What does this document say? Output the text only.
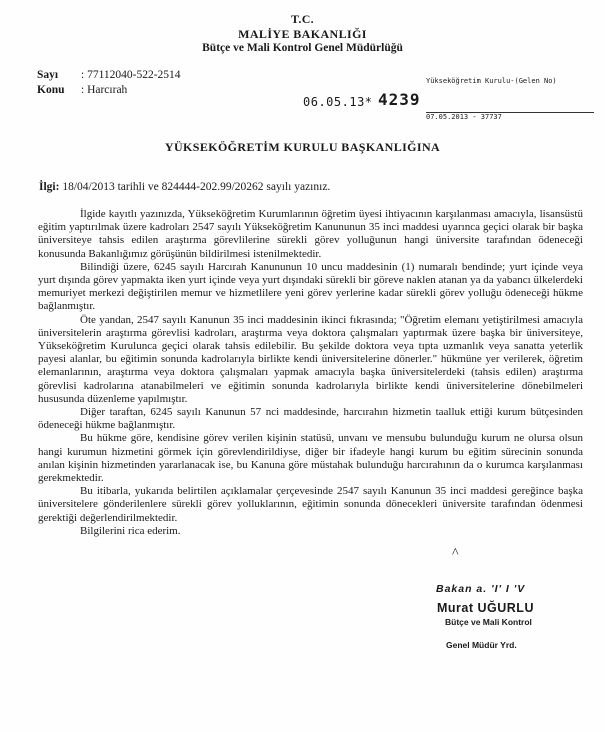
T.C.
MALİYE BAKANLIĞI
Bütçe ve Mali Kontrol Genel Müdürlüğü
Sayı : 77112040-522-2514
Konu : Harcırah
06.05.13* 4239
Yükseköğretim Kurulu-(Gelen No)
07.05.2013 - 37737
YÜKSEKÖĞRETİM KURULU BAŞKANLIĞINA
İlgi: 18/04/2013 tarihli ve 824444-202.99/20262 sayılı yazınız.

İlgide kayıtlı yazınızda, Yükseköğretim Kurumlarının öğretim üyesi ihtiyacının karşılanması amacıyla, lisansüstü eğitim yaptırılmak üzere kadroları 2547 sayılı Yükseköğretim Kanununun 35 inci maddesi uyarınca geçici olarak bir başka üniversiteye tahsis edilen araştırma görevlilerine sürekli görev yolluğunun hangi üniversite tarafından ödeneceği konusunda Bakanlığımız görüşünün bildirilmesi istenilmektedir.

Bilindiği üzere, 6245 sayılı Harcırah Kanununun 10 uncu maddesinin (1) numaralı bendinde; yurt içinde veya yurt dışında görev yapmakta iken yurt içinde veya yurt dışındaki sürekli bir göreve naklen atanan ya da yabancı ülkelerdeki memuriyet merkezi değiştirilen memur ve hizmetlilere yeni görev yerlerine kadar sürekli görev yolluğu ödeneceği hükme bağlanmıştır.

Öte yandan, 2547 sayılı Kanunun 35 inci maddesinin ikinci fıkrasında; "Öğretim elemanı yetiştirilmesi amacıyla üniversitelerin araştırma görevlisi kadroları, araştırma veya doktora çalışmaları yaptırmak üzere başka bir üniversiteye, Yükseköğretim Kurulunca geçici olarak tahsis edilebilir. Bu şekilde doktora veya tıpta uzmanlık veya sanatta yeterlik payesi alanlar, bu eğitimin sonunda kadrolarıyla birlikte kendi üniversitelerine dönerler." hükmüne yer verilerek, öğretim elemanlarının, araştırma veya doktora çalışmaları yapmak amacıyla başka üniversitelerdeki (tahsis edilen) araştırma görevlisi kadrolarına atanabilmeleri ve eğitimin sonunda kadrolarıyla birlikte kendi üniversitelerine dönebilmeleri hususunda düzenleme yapılmıştır.

Diğer taraftan, 6245 sayılı Kanunun 57 nci maddesinde, harcırahın hizmetin taalluk ettiği kurum bütçesinden ödeneceği hükme bağlanmıştır.

Bu hükme göre, kendisine görev verilen kişinin statüsü, unvanı ve mensubu bulunduğu kurum ne olursa olsun hangi kurumun hizmetini görmek için görevlendirildiyse, diğer bir ifadeyle hangi kurum bu eğitim sürecinin sonunda anılan kişinin hizmetinden yararlanacak ise, bu Kanuna göre müstahak bulunduğu harcırahının da o kurumca karşılanması gerekmektedir.

Bu itibarla, yukarıda belirtilen açıklamalar çerçevesinde 2547 sayılı Kanunun 35 inci maddesi gereğince başka üniversitelere gönderilenlere sürekli görev yolluklarının, eğitimin sonunda dönecekleri üniversite tarafından ödenmesi gerektiği değerlendirilmektedir.

Bilgilerini rica ederim.

^
Bakan a. 'I' I 'V
Murat UĞURLU
Bütçe ve Mali Kontrol
Genel Müdür Yrd.
